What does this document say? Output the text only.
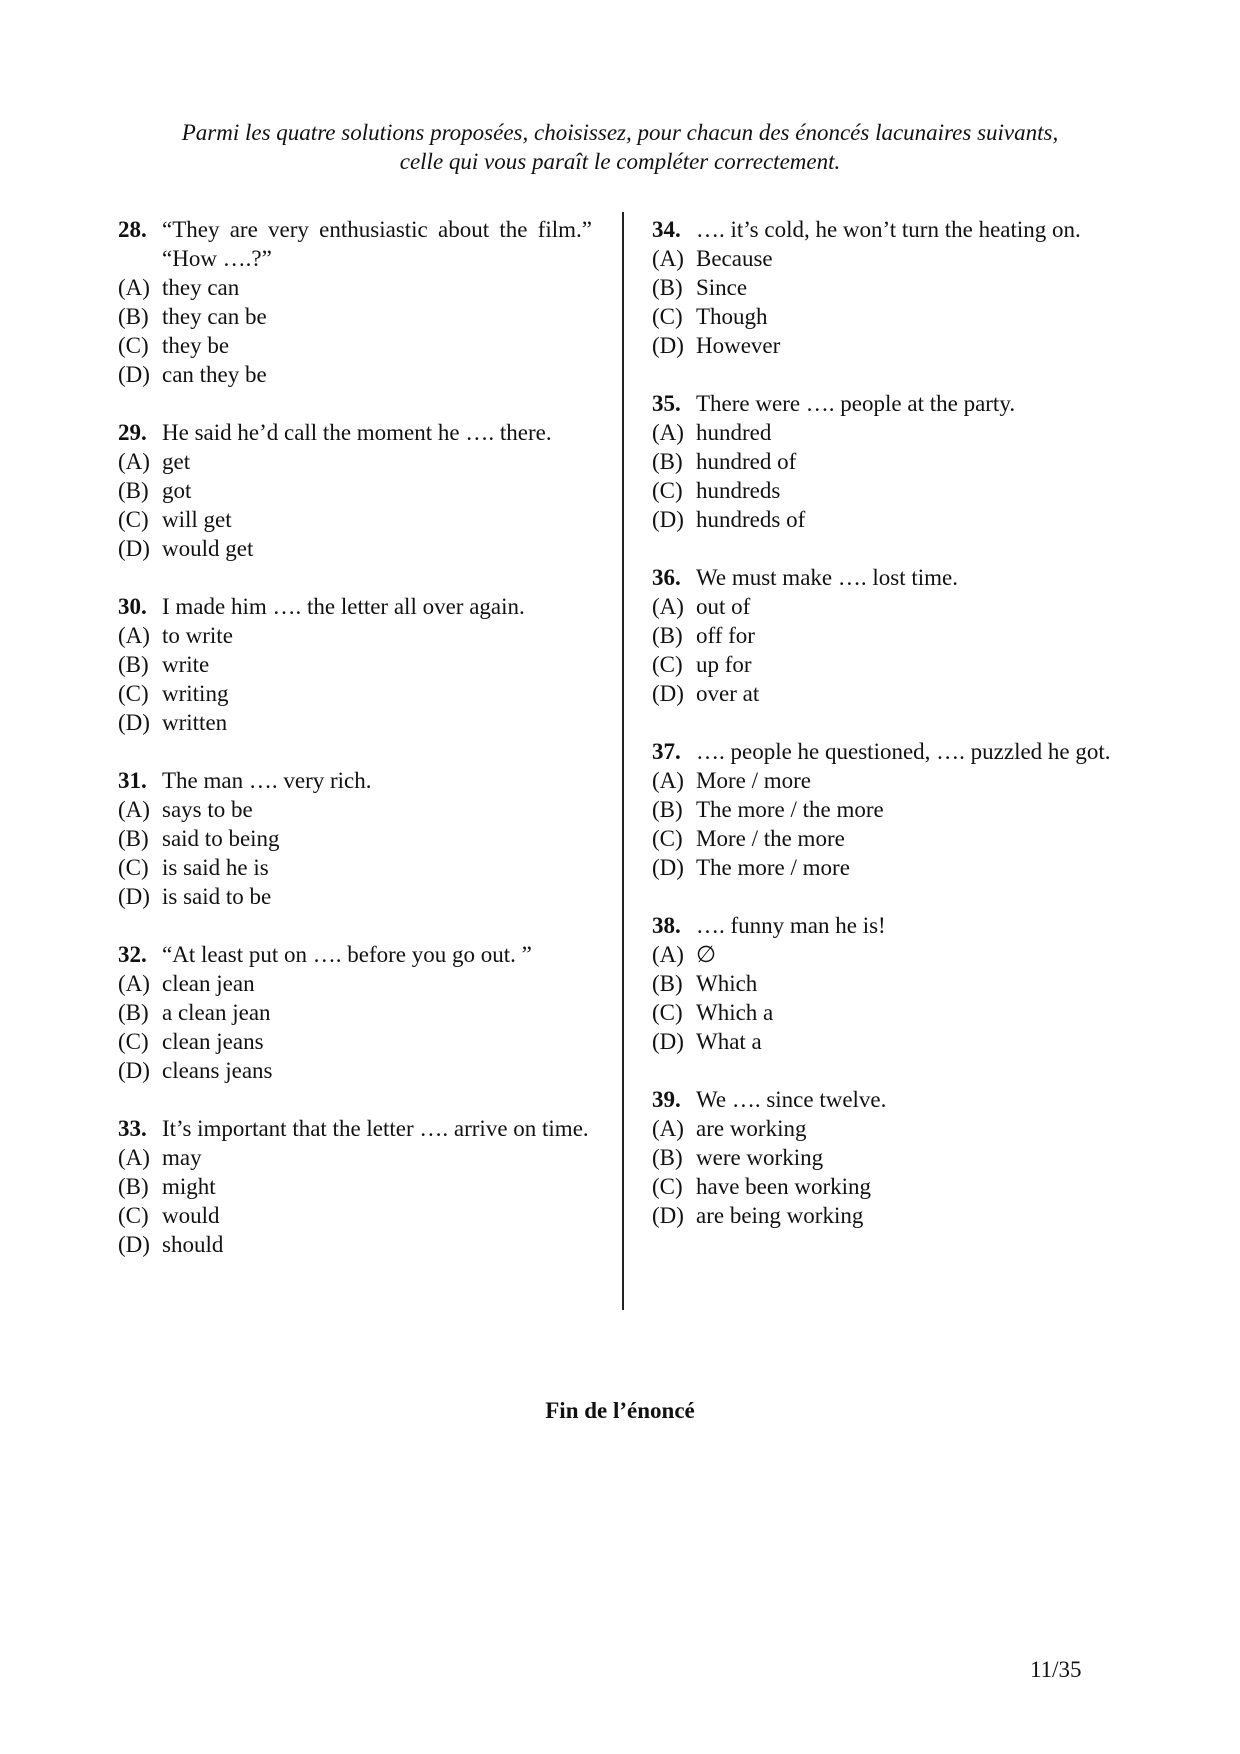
Parmi les quatre solutions proposées, choisissez, pour chacun des énoncés lacunaires suivants,
celle qui vous paraît le compléter correctement.
28. “They are very enthusiastic about the film.” “How ….?”
(A) they can
(B) they can be
(C) they be
(D) can they be
29. He said he’d call the moment he …. there.
(A) get
(B) got
(C) will get
(D) would get
30. I made him …. the letter all over again.
(A) to write
(B) write
(C) writing
(D) written
31. The man …. very rich.
(A) says to be
(B) said to being
(C) is said he is
(D) is said to be
32. “At least put on …. before you go out. ”
(A) clean jean
(B) a clean jean
(C) clean jeans
(D) cleans jeans
33. It’s important that the letter …. arrive on time.
(A) may
(B) might
(C) would
(D) should
34. …. it’s cold, he won’t turn the heating on.
(A) Because
(B) Since
(C) Though
(D) However
35. There were …. people at the party.
(A) hundred
(B) hundred of
(C) hundreds
(D) hundreds of
36. We must make …. lost time.
(A) out of
(B) off for
(C) up for
(D) over at
37. …. people he questioned, …. puzzled he got.
(A) More / more
(B) The more / the more
(C) More / the more
(D) The more / more
38. …. funny man he is!
(A) ∅
(B) Which
(C) Which a
(D) What a
39. We …. since twelve.
(A) are working
(B) were working
(C) have been working
(D) are being working
Fin de l’énoncé
11/35
